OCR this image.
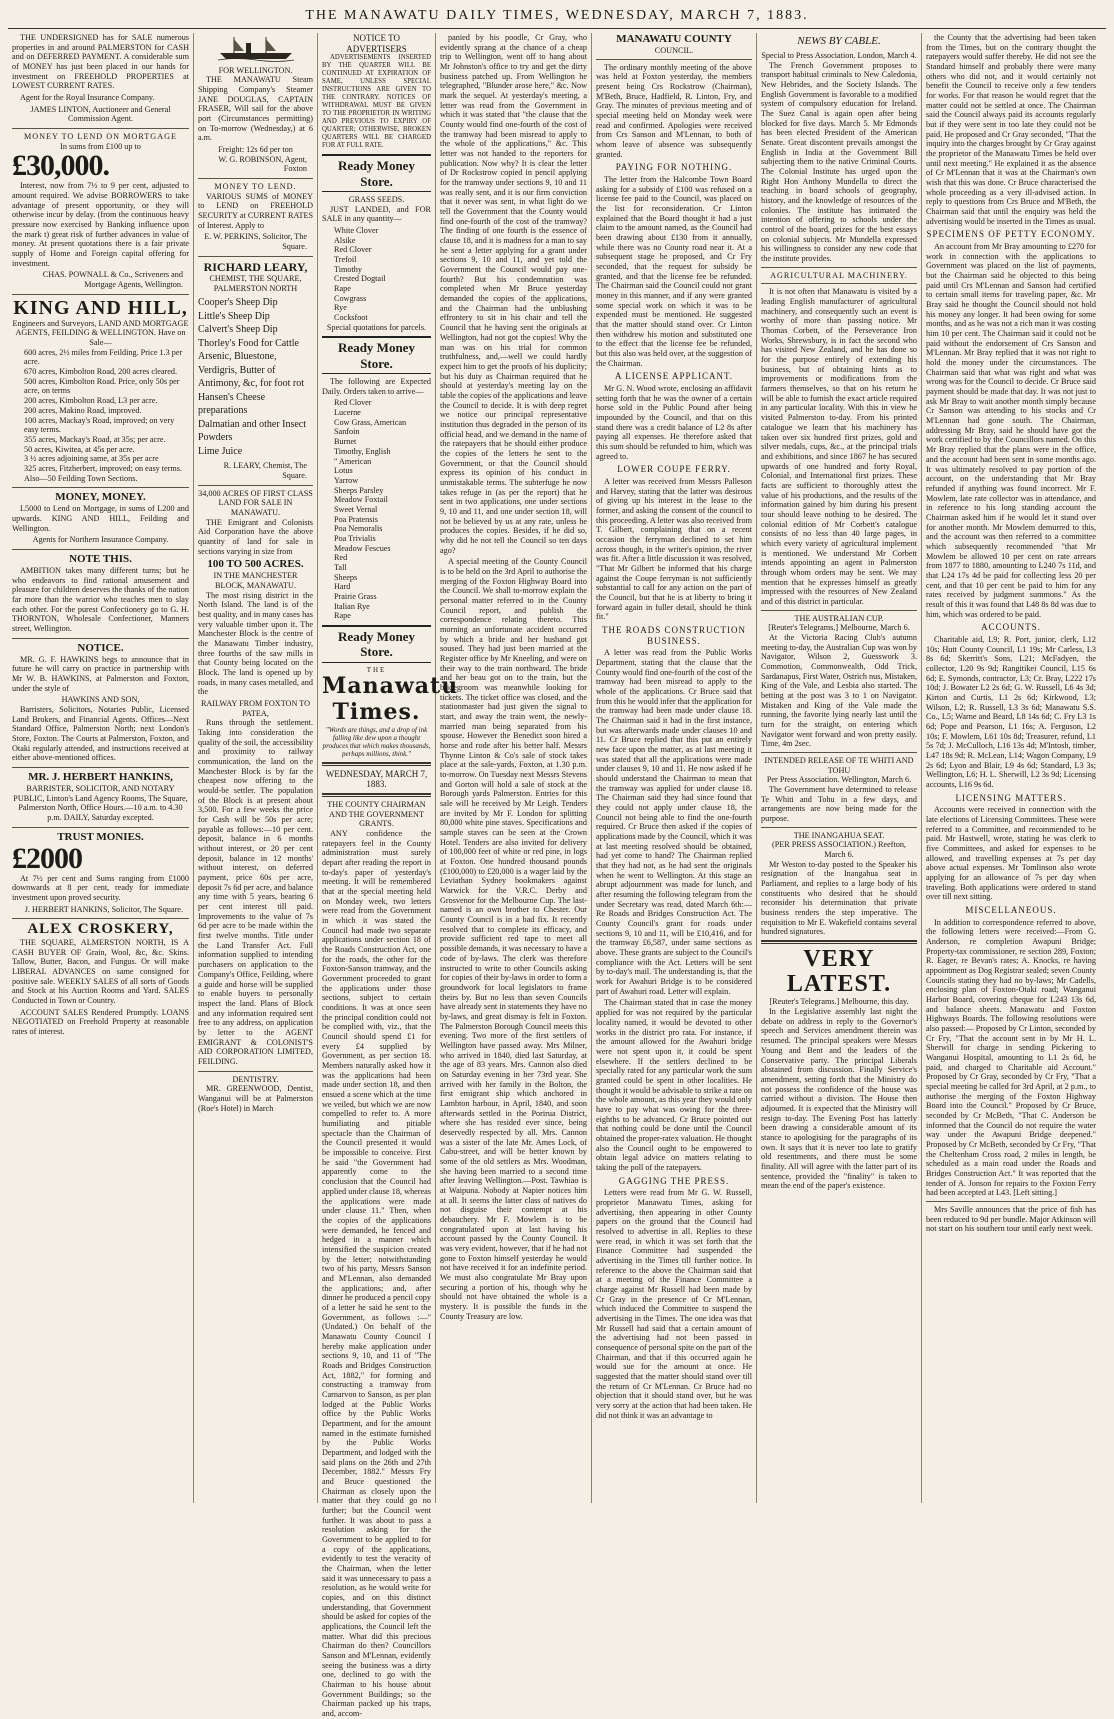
THE MANAWATU DAILY TIMES, WEDNESDAY, MARCH 7, 1883.
THE UNDERSIGNED has for SALE numerous properties in and around PALMERSTON for CASH and on DEFERRED PAYMENT. A considerable sum of MONEY has just been placed in our hands for investment on FREEHOLD PROPERTIES at LOWEST CURRENT RATES.
Agent for the Royal Insurance Company.
JAMES LINTON, Auctioneer and General Commission Agent.
MONEY TO LEND ON MORTGAGE
In sums from £100 up to
£30,000.
Interest, now from 7½ to 9 per cent, adjusted to amount required. We advise BORROWERS to take advantage of present opportunity, or they will otherwise incur by delay. (from the continuous heavy pressure now exercised by Banking influence upon the mark t) great risk of further advances in value of money. At present quotations there is a fair private supply of Home and Foreign capital offering for investment.
CHAS. POWNALL & Co., Scriveners and Mortgage Agents, Wellington.
KING AND HILL,
Engineers and Surveyors, LAND AND MORTGAGE AGENTS, FEILDING & WELLINGTON. Have on Sale—
600 acres, 2½ miles from Feilding. Price 1.3 per acre.
670 acres, Kimbolton Road, 200 acres cleared.
500 acres, Kimbolton Road. Price, only 50s per acre, on terms
200 acres, Kimbolton Road, L3 per acre.
200 acres, Makino Road, improved.
100 acres, Mackay's Road, improved; on very easy terms.
355 acres, Mackay's Road, at 35s; per acre.
50 acres, Kiwitea, at 45s per acre.
3 ½ acres adjoining same, at 35s per acre
325 acres, Fitzherbert, improved; on easy terms.
Also—50 Feilding Town Sections.
MONEY, MONEY.
L5000 to Lend on Mortgage, in sums of L200 and upwards. KING AND HILL, Feilding and Wellington.
Agents for Northern Insurance Company.
NOTE THIS.
AMBITION takes many different turns; but he who endeavors to find rational amusement and pleasure for children deserves the thanks of the nation far more than the warrior who teaches men to slay each other. For the purest Confectionery go to G. H. THORNTON, Wholesale Confectioner, Manners street, Wellington.
NOTICE.
MR. G. F. HAWKINS begs to announce that in future he will carry on practice in partnership with Mr W. B. HAWKINS, at Palmerston and Foxton, under the style of
HAWKINS AND SON,
Barristers, Solicitors, Notaries Public, Licensed Land Brokers, and Financial Agents. Offices—Next Standard Office, Palmerston North; next London's Store, Foxton. The Courts at Palmerston, Foxton, and Otaki regularly attended, and instructions received at either above-mentioned offices.
MR. J. HERBERT HANKINS,
BARRISTER, SOLICITOR, AND NOTARY PUBLIC, Linton's Land Agency Rooms, The Square, Palmerston North, Office Hours.—10 a.m. to 4.30 p.m. DAILY, Saturday excepted.
TRUST MONIES.
£2000
At 7½ per cent and Sums ranging from £1000 downwards at 8 per cent, ready for immediate investment upon proved security.
J. HERBERT HANKINS, Solicitor, The Square.
ALEX CROSKERY,
THE SQUARE, ALMERSTON NORTH, IS A CASH BUYER OF Grain, Wool, &c, &c. Skins. Tallow, Butter, Bacon, and Fungus. Or will make LIBERAL ADVANCES on same consigned for positive sale. WEEKLY SALES of all sorts of Goods and Stock at his Auction Rooms and Yard. SALES Conducted in Town or Country.
ACCOUNT SALES Rendered Promptly. LOANS NEGOTIATED on Freehold Property at reasonable rates of interest.
FOR WELLINGTON.
THE MANAWATU Steam Shipping Company's Steamer JANE DOUGLAS, CAPTAIN FRASER, Will sail for the above port (Circumstances permitting) on To-morrow (Wednesday,) at 6 a.m.
Freight: 12s 6d per ton
W. G. ROBINSON, Agent, Foxton
MONEY TO LEND.
VARIOUS SUMS of MONEY to LEND on FREEHOLD SECURITY at CURRENT RATES of Interest. Apply to
E. W. PERKINS, Solicitor, The Square.
RICHARD LEARY,
CHEMIST, THE SQUARE, PALMERSTON NORTH
Cooper's Sheep Dip
Little's Sheep Dip
Calvert's Sheep Dip
Thorley's Food for Cattle
Arsenic, Bluestone, Verdigris, Butter of Antimony, &c, for foot rot
Hansen's Cheese preparations
Dalmatian and other Insect Powders
Lime Juice
R. LEARY, Chemist, The Square.
34,000 ACRES OF FIRST CLASS LAND FOR SALE IN MANAWATU.
THE Emigrant and Colonists Aid Corporation have the above quantity of land for sale in sections varying in size from
100 TO 500 ACRES.
IN THE MANCHESTER BLOCK, MANAWATU.
The most rising district in the North Island. The land is of the best quality, and in many cases has very valuable timber upon it. The Manchester Block is the centre of the Manawatu Timber industry, three fourths of the saw mills in that County being located on the Block. The land is opened up by roads, in many cases metalled, and the
RAILWAY FROM FOXTON TO PATEA,
Runs through the settlement. Taking into consideration the quality of the soil, the accessibility and proximity to railway communication, the land on the Manchester Block is by far the cheapest now offering to the would-be settler. The population of the Block is at present about 3,500. For a few weeks the price for Cash will be 50s per acre; payable as follows:—10 per cent. deposit, balance in 6 months without interest, or 20 per cent deposit, balance in 12 months' without interest, on deferred payment, price 60s per acre, deposit 7s 6d per acre, and balance any time with 5 years, bearing 6 per cent interest till paid. Improvements to the value of 7s 6d per acre to be made within the first twelve months. Title under the Land Transfer Act. Full information supplied to intending purchasers on application to the Company's Office, Feilding, where a guide and horse will be supplied to enable buyers to personally inspect the land. Plans of Block and any information required sent free to any address, on application by letter to the AGENT EMIGRANT & COLONIST'S AID CORPORATION LIMITED, FEILDING.
DENTISTRY.
MR. GREENWOOD, Dentist, Wanganui will be at Palmerston (Roe's Hotel) in March
NOTICE TO ADVERTISERS
ADVERTISEMENTS INSERTED BY THE QUARTER WILL BE CONTINUED AT EXPIRATION OF SAME, UNLESS SPECIAL INSTRUCTIONS ARE GIVEN TO THE CONTRARY. NOTICES OF WITHDRAWAL MUST BE GIVEN TO THE PROPRIETOR IN WRITING AND PREVIOUS TO EXPIRY OF QUARTER; OTHERWISE, BROKEN QUARTERS WILL BE CHARGED FOR AT FULL RATE.
Ready Money Store.
GRASS SEEDS.
JUST LANDED, and FOR SALE in any quantity—
White Clover
Alsike
Red Clover
Trefoil
Timothy
Crested Dogtail
Rape
Cowgrass
Rye
Cocksfoot
Special quotations for parcels.
Ready Money Store.
The following are Expected Daily. Orders taken to arrive—
Red Clover
Lucerne
Cow Grass, American
Sanfoin
Burnet
Timothy, English
" American
Lotus
Yarrow
Sheeps Parsley
Meadow Foxtail
Sweet Vernal
Poa Pratensis
Poa Nemoralis
Poa Trivialis
Meadow Fescues
Red
Tall
Sheeps
Hard
Prairie Grass
Italian Rye
Rape
Ready Money Store.
THE
Manawatu Times.
"Words are things, and a drop of ink falling like dew upon a thought produces that which makes thousands, perhaps millions, think."
WEDNESDAY, MARCH 7, 1883.
THE COUNTY CHAIRMAN AND THE GOVERNMENT GRANTS.
ANY confidence the ratepayers feel in the County administration must surely depart after reading the report in to-day's paper of yesterday's meeting. It will be remembered that at the special meeting held on Monday week, two letters were read from the Government in which it was stated the Council had made two separate applications under section 18 of the Roads Construction Act, one for the roads, the other for the Foxton-Sanson tramway, and the Government proceeded to grant the applications under those sections, subject to certain conditions. It was at once seen the principal condition could not be complied with, viz., that the Council should spend £1 for every £4 supplied by Government, as per section 18. Members naturally asked how it was the applications had been made under section 18, and then ensued a scene which at the time we veiled, but which we are now compelled to refer to. A more humiliating and pitiable spectacle than the Chairman of the Council presented it would be impossible to conceive. First he said "the Government had apparently come to the conclusion that the Council had applied under clause 18, whereas the applications were made under clause 11." Then, when the copies of the applications were demanded, he fenced and hedged in a manner which intensified the suspicion created by the letter; notwithstanding two of his party, Messrs Sanson and M'Lennan, also demanded the applications; and, after dinner he produced a pencil copy of a letter he said he sent to the Government, as follows :—" (Undated.) On behalf of the Manawatu County Council I hereby make application under sections 9, 10, and 11 of "The Roads and Bridges Construction Act, 1882," for forming and constructing a tramway from Carnarvon to Sanson, as per plan lodged at the Public Works office by the Public Works Department, and for the amount named in the estimate furnished by the Public Works Department, and lodged with the said plans on the 26th and 27th December, 1882." Messrs Fry and Bruce questioned the Chairman as closely upon the matter that they could go no further; but the Council went further. It was about to pass a resolution asking for the Government to be applied to for a copy of the applications, evidently to test the veracity of the Chairman, when the letter said it was unnecessary to pass a resolution, as he would write for copies, and on this distinct understanding, that Government should be asked for copies of the applications, the Council left the matter. What did this precious Chairman do then? Councillors Sanson and M'Lennan, evidently seeing the business was a dirty one, declined to go with the Chairman to his house about Government Buildings; so the Chairman packed up his traps, and, accom-
panied by his poodle, Cr Gray, who evidently sprang at the chance of a cheap trip to Wellington, went off to hang about Mr Johnston's office to try and get the dirty business patched up. From Wellington he telegraphed, "Blunder arose here," &c. Now mark the sequel. At yesterday's meeting, a letter was read from the Government in which it was stated that "the clause that the County would find one-fourth of the cost of the tramway had been misread to apply to the whole of the applications," &c. This letter was not handed to the reporters for publication. Now why? It is clear the letter of Dr Rockstrow copied in pencil applying for the tramway under sections 9, 10 and 11 was really sent, and it is our firm conviction that it never was sent, in what light do we tell the Government that the County would find one-fourth of the cost of the tramway? The finding of one fourth is the essence of clause 18, and it is madness for a man to say he sent a letter applying for a grant under sections 9, 10 and 11, and yet told the Government the Council would pay one-fourth? But his condemnation was completed when Mr Bruce yesterday demanded the copies of the applications, and the Chairman had the unblushing effrontery to sit in his chair and tell the Council that he having sent the originals at Wellington, had not got the copies! Why the man was on his trial for common truthfulness, and,—well we could hardly expect him to get the proofs of his duplicity; but his duty as Chairman required that he should at yesterday's meeting lay on the table the copies of the applications and leave the Council to decide. It is with deep regret we notice our principal representative institution thus degraded in the person of its official head, and we demand in the name of the ratepayers that he should either produce the copies of the letters he sent to the Government, or that the Council should express its opinion of his conduct in unmistakable terms. The subterfuge he now takes refuge in (as per the report) that he sent in two applications, one under sections 9, 10 and 11, and one under section 18, will not be believed by us at any rate, unless he produces the copies. Besides, if he did so, why did he not tell the Council so ten days ago?
A special meeting of the County Council is to be held on the 3rd April to authorise the merging of the Foxton Highway Board into the Council. We shall to-morrow explain the personal matter referred to in the County Council report, and publish the correspondence relating thereto. This morning an unfortunate accident occurred by which a bride and her husband got soused. They had just been married at the Register office by Mr Kneeling, and were on their way to the train northward. The bride and her beau got on to the train, but the bridegroom was meanwhile looking for tickets. The ticket office was closed, and the stationmaster had just given the signal to start, and away the train went, the newly-married man being separated from his spouse. However the Benedict soon hired a horse and rode after his better half. Messrs Thynne Linton & Co's sale of stock takes place at the sale-yards, Foxton, at 1.30 p.m. to-morrow. On Tuesday next Messrs Stevens and Gorton will hold a sale of stock at the Borough yards Palmerston. Entries for this sale will be received by Mr Leigh. Tenders are invited by Mr F. London for splitting 80,000 white pine staves. Specifications and sample staves can be seen at the Crown Hotel. Tenders are also invited for delivery of 100,000 feet of white or red pine, in logs at Foxton. One hundred thousand pounds (£100,000) to £20,000 is a wager laid by the Leviathan Sydney bookmakers against Warwick for the V.R.C. Derby and Grosvenor for the Melbourne Cup. The last-named is an own brother to Chester. Our County Council is in a bad fix. It recently resolved that to complete its efficacy, and provide sufficient red tape to meet all possible demands, it was necessary to have a code of by-laws. The clerk was therefore instructed to write to other Councils asking for copies of their by-laws in order to form a groundwork for local legislators to frame theirs by. But no less than seven Councils have already sent in statements they have no by-laws, and great dismay is felt in Foxton. The Palmerston Borough Council meets this evening. Two more of the first settlers of Wellington have passed away. Mrs Milner, who arrived in 1840, died last Saturday, at the age of 83 years. Mrs. Cannon also died on Saturday evening in her 73rd year. She arrived with her family in the Bolton, the first emigrant ship which anchored in Lambton harbour, in April, 1840, and soon afterwards settled in the Porirua District, where she has resided ever since, being deservedly respected by all. Mrs. Cannon was a sister of the late Mr. Ames Lock, of Cabu-street, and will be better known by some of the old settlers as Mrs. Woodman, she having been married to a second time after leaving Wellington.—Post. Tawhiao is at Waipuna. Nobody at Napier notices him at all. It seems the latter class of natives do not disguise their contempt at his debauchery. Mr F. Mowlem is to be congratulated upon at last having his account passed by the County Council. It was very evident, however, that if he had not gone to Foxton himself yesterday he would not have received it for an indefinite period. We must also congratulate Mr Bray upon securing a portion of his, though why he should not have obtained the whole is a mystery. It is possible the funds in the County Treasury are low.
MANAWATU COUNTY
COUNCIL.
The ordinary monthly meeting of the above was held at Foxton yesterday, the members present being Crs Rockstrow (Chairman), M'Beth, Bruce, Hadfield, R. Linton, Fry, and Gray. The minutes of previous meeting and of special meeting held on Monday week were read and confirmed. Apologies were received from Crs Sanson and M'Lennan, to both of whom leave of absence was subsequently granted.
PAYING FOR NOTHING.
The letter from the Halcombe Town Board asking for a subsidy of £100 was refused on a license fee paid to the Council, was placed on the list for reconsideration. Cr Linton explained that the Board thought it had a just claim to the amount named, as the Council had been drawing about £130 from it annually, while there was no County road near it. At a subsequent stage he proposed, and Cr Fry seconded, that the request for subsidy be granted, and that the license fee be refunded. The Chairman said the Council could not grant money in this manner, and if any were granted some special work on which it was to be expended must be mentioned. He suggested that the matter should stand over. Cr Linton then withdrew his motion and substituted one to the effect that the license fee be refunded, but this also was held over, at the suggestion of the Chairman.
A LICENSE APPLICANT.
Mr G. N. Wood wrote, enclosing an affidavit setting forth that he was the owner of a certain horse sold in the Public Pound after being impounded by the Council, and that on this stand there was a credit balance of L2 8s after paying all expenses. He therefore asked that this sum should be refunded to him, which was agreed to.
LOWER COUPE FERRY.
A letter was received from Messrs Palleson and Harvey, stating that the latter was desirous of giving up his interest in the lease to the former, and asking the consent of the council to this proceeding. A letter was also received from T. Gilbert, complaining that on a recent occasion the ferryman declined to set him across though, in the writer's opinion, the river was fit. After a little discussion it was resolved, "That Mr Gilbert be informed that his charge against the Coupe ferryman is not sufficiently substantial to call for any action on the part of the Council, but that he is at liberty to bring it forward again in fuller detail, should he think fit."
THE ROADS CONSTRUCTION BUSINESS.
A letter was read from the Public Works Department, stating that the clause that the County would find one-fourth of the cost of the tramway had been misread to apply to the whole of the applications. Cr Bruce said that from this he would infer that the application for the tramway had been made under clause 18. The Chairman said it had in the first instance, but was afterwards made under clauses 10 and 11. Cr Bruce replied that this put an entirely new face upon the matter, as at last meeting it was stated that all the applications were made under clauses 9, 10 and 11. He now asked if he should understand the Chairman to mean that the tramway was applied for under clause 18. The Chairman said they had since found that they could not apply under clause 18, the Council not being able to find the one-fourth required. Cr Bruce then asked if the copies of applications made by the Council, which it was at last meeting resolved should be obtained, had yet come to hand? The Chairman replied that they had not, as he had sent the originals when he went to Wellington. At this stage an abrupt adjournment was made for lunch, and after resuming the following telegram from the under Secretary was read, dated March 6th:—Re Roads and Bridges Construction Act. The County Council's grant for roads under sections 9, 10 and 11, will be £10,416, and for the tramway £6,587, under same sections as above. These grants are subject to the Council's compliance with the Act. Letters will be sent by to-day's mail. The understanding is, that the work for Awahuri Bridge is to be considered part of Awahuri road. Letter will explain.
The Chairman stated that in case the money applied for was not required by the particular locality named, it would be devoted to other works in the district pro rata. For instance, if the amount allowed for the Awahuri bridge were not spent upon it, it could be spent elsewhere. If the settlers declined to be specially rated for any particular work the sum granted could be spent in other localities. He thought it would be advisable to strike a rate on the whole amount, as this year they would only have to pay what was owing for the three-eighths to be advanced. Cr Bruce pointed out that nothing could be done until the Council obtained the proper-ratex valuation. He thought also the Council ought to be empowered to obtain legal advice on matters relating to taking the poll of the ratepayers.
GAGGING THE PRESS.
Letters were read from Mr G. W. Russell, proprietor Manawatu Times, asking for advertising, then appearing in other County papers on the ground that the Council had resolved to advertise in all. Replies to these were read, in which it was set forth that the Finance Committee had suspended the advertising in the Times till further notice. In reference to the above the Chairman said that at a meeting of the Finance Committee a charge against Mr Russell had been made by Cr Gray in the presence of Cr M'Lennan, which induced the Committee to suspend the advertising in the Times. The one idea was that Mr Russell had said that a certain amount of the advertising had not been passed in consequence of personal spite on the part of the Chairman, and that if this occurred again he would sue for the amount at once. He suggested that the matter should stand over till the return of Cr M'Lennan. Cr Bruce had no objection that it should stand over, but he was very sorry at the action that had been taken. He did not think it was an advantage to
NEWS BY CABLE.
Special to Press Association. London, March 4.
The French Government proposes to transport habitual criminals to New Caledonia, New Hebrides, and the Society Islands. The English Government is favorable to a modified system of compulsory education for Ireland. The Suez Canal is again open after being blocked for five days. March 5. Mr Edmonds has been elected President of the American Senate. Great discontent prevails amongst the English in India at the Government Bill subjecting them to the native Criminal Courts. The Colonial Institute has urged upon the Right Hon Anthony Mundella to direct the teaching in board schools of geography, history, and the knowledge of resources of the colonies. The institute has intimated the intention of offering to schools under the control of the board, prizes for the best essays on colonial subjects. Mr Mundella expressed his willingness to consider any new code that the institute provides.
AGRICULTURAL MACHINERY.
It is not often that Manawatu is visited by a leading English manufacturer of agricultural machinery, and consequently such an event is worthy of more than passing notice. Mr Thomas Corbett, of the Perseverance Iron Works, Shrewsbury, is in fact the second who has visited New Zealand, and he has done so for the purpose entirely of extending his business, but of obtaining hints as to improvements or modifications from the farmers themselves, so that on his return he will be able to furnish the exact article required in any particular locality. With this in view he visited Palmerston to-day. From his printed catalogue we learn that his machinery has taken over six hundred first prizes, gold and silver medals, cups, &c., at the principal trials and exhibitions, and since 1867 he has secured upwards of one hundred and forty Royal, Colonial, and International first prizes. These facts are sufficient to thoroughly attest the value of his productions, and the results of the information gained by him during his present tour should leave nothing to be desired. The colonial edition of Mr Corbett's catalogue consists of no less than 40 large pages, in which every variety of agricultural implement is mentioned. We understand Mr Corbett intends appointing an agent in Palmerston through whom orders may be sent. We may mention that he expresses himself as greatly impressed with the resources of New Zealand and of this district in particular.
THE AUSTRALIAN CUP.
[Reuter's Telegrams.] Melbourne, March 6.
At the Victoria Racing Club's autumn meeting to-day, the Australian Cup was won by Navigator, Wilson 2, Guesswork 3. Commotion, Commonwealth, Odd Trick, Sardanapus, First Water, Ostrich nus, Mistaken, King of the Vale, and Lesbia also started. The betting at the post was 3 to 1 on Navigator. Mistaken and King of the Vale made the running, the favorite lying nearly last until the turn for the straight, on entering which Navigator went forward and won pretty easily. Time, 4m 2sec.
INTENDED RELEASE OF TE WHITI AND TOHU
Per Press Association. Wellington, March 6.
The Government have determined to release Te Whiti and Tohu in a few days, and arrangements are now being made for the purpose.
THE INANGAHUA SEAT.
(PER PRESS ASSOCIATION.) Reefton, March 6.
Mr Weston to-day posted to the Speaker his resignation of the Inangahua seat in Parliament, and replies to a large body of his constituents who desired that he should reconsider his determination that private business renders the step imperative. The requisition to Mr E. Wakefield contains several hundred signatures.
VERY LATEST.
[Reuter's Telegrams.] Melbourne, this day.
In the Legislative assembly last night the debate on address in reply to the Governor's speech and Services amendment therein was resumed. The principal speakers were Messrs Young and Bent and the leaders of the Conservative party. The principal Liberals abstained from discussion. Finally Service's amendment, setting forth that the Ministry do not possess the confidence of the house was carried without a division. The House then adjourned. It is expected that the Ministry will resign to-day. The Evening Post has latterly been drawing a considerable amount of its stance to apologising for the paragraphs of its own. It says that it is never too late to gratify old resentments, and there must be some finality. All will agree with the latter part of its sentence, provided the "finality" is taken to mean the end of the paper's existence.
the County that the advertising had been taken from the Times, but on the contrary thought the ratepayers would suffer thereby. He did not see the Standard himself and probably there were many others who did not, and it would certainly not benefit the Council to receive only a few tenders for works. For that reason he would regret that the matter could not be settled at once. The Chairman said the Council always paid its accounts regularly but if they were sent in too late they could not be paid. He proposed and Cr Gray seconded, "That the inquiry into the charges brought by Cr Gray against the proprietor of the Manawatu Times be held over until next meeting." He explained it as the absence of Cr M'Lennan that it was at the Chairman's own wish that this was done. Cr Bruce characterised the whole proceeding as a very ill-advised action. In reply to questions from Crs Bruce and M'Beth, the Chairman said that until the enquiry was held the advertising would be inserted in the Times as usual.
SPECIMENS OF PETTY ECONOMY.
An account from Mr Bray amounting to £270 for work in connection with the applications to Government was placed on the list of payments, but the Chairman said he objected to this being paid until Crs M'Lennan and Sanson had certified to certain small items for traveling paper, &c. Mr Bray said he thought the Council should not hold his money any longer. It had been owing for some months, and as he was not a rich man it was costing him 10 per cent. The Chairman said it could not be paid without the endorsement of Crs Sanson and M'Lennan. Mr Bray replied that it was not right to hold the money under the circumstances. The Chairman said that what was right and what was wrong was for the Council to decide. Cr Bruce said payment should be made that day. It was not just to ask Mr Bray to wait another month simply because Cr Sanson was attending to his stocks and Cr M'Lennan had gone south. The Chairman, addressing Mr Bray, said he should have got the work certified to by the Councillors named. On this Mr Bray replied that the plans were in the office, and the account had been sent in some months ago. It was ultimately resolved to pay portion of the account, on the understanding that Mr Bray refunded if anything was found incorrect. Mr F. Mowlem, late rate collector was in attendance, and in reference to his long standing account the Chairman asked him if he would let it stand over for another month. Mr Mowlem demurred to this, and the account was then referred to a committee which subsequently recommended "that Mr Mowlem be allowed 10 per cent on rate arrears from 1877 to 1880, amounting to L240 7s 11d, and that L24 17s 4d be paid for collecting less 20 per cent, and that 10 per cent be paid to him for any rates received by judgment summons." As the result of this it was found that L48 8s 8d was due to him, which was ordered to be paid.
ACCOUNTS.
Charitable aid, L9; R. Port, junior, clerk, L12 10s; Hutt County Council, L1 19s; Mr Carless, L3 8s 6d; Skerritt's Sons, L21; McFadyen, the collector, L20 9s 9d; Rangitikei Council, L15 6s 6d; E. Symonds, contractor, L3; Cr. Bray, L222 17s 10d; J. Bowater L2 2s 6d; G. W. Russell, L6 4s 3d; Kirton and Curtis, L1 2s 6d; Kirkwood, L3; Wilson, L2; R. Russell, L3 3s 6d; Manawatu S.S. Co., L5; Warne and Beard, L8 14s 6d; C. Fry L3 1s 6d; Pope and Pearson, L1 16s; A. Ferguson, L2 10s; F. Mowlem, L61 10s 8d; Treasurer, refund, L1 5s 7d; J. McCulloch, L16 13s 4d; M'Intosh, timber, L47 18s 9d; R. McLean, L14; Wagon Company, L9 2s 6d; Lyon and Blair, L9 4s 6d; Standard, L3 3s; Wellington, L6; H. L. Sherwill, L2 3s 9d; Licensing accounts, L16 9s 6d.
LICENSING MATTERS.
Accounts were received in connection with the late elections of Licensing Committees. These were referred to a Committee, and recommended to be paid. Mr Hastwell, wrote, stating he was clerk to five Committees, and asked for expenses to be allowed, and travelling expenses at 7s per day above actual expenses. Mr Tomlinson also wrote applying for an allowance of 7s per day when traveling. Both applications were ordered to stand over till next sitting.
MISCELLANEOUS.
In addition to correspondence referred to above, the following letters were received:—From G. Anderson, re completion Awapuni Bridge; Property-tax commissioner, re section 289, Foxton; R. Eager, re Bevan's rates; A. Knocks, re having appointment as Dog Registrar sealed; seven County Councils stating they had no by-laws; Mr Cadells, enclosing plan of Foxton-Otaki road; Wanganui Harbor Board, covering cheque for L243 13s 6d, and balance sheets. Manawatu and Foxton Highways Boards. The following resolutions were also passed:— Proposed by Cr Linton, seconded by Cr Fry, "That the account sent in by Mr H. L. Sherwill for charge in sending Pickering to Wanganui Hospital, amounting to L1 2s 6d, be paid, and charged to Charitable aid Account." Proposed by Cr Gray, seconded by Cr Fry, "That a special meeting be called for 3rd April, at 2 p.m., to authorise the merging of the Foxton Highway Board into the Council." Proposed by Cr Bruce, seconded by Cr McBeth, "That C. Anderson be informed that the Council do not require the water way under the Awapuni Bridge deepened." Proposed by Cr McBeth, seconded by Cr Fry, "That the Cheltenham Cross road, 2 miles in length, be scheduled as a main road under the Roads and Bridges Construction Act." It was reported that the tender of A. Jonson for repairs to the Foxton Ferry had been accepted at L43. [Left sitting.]
Mrs Saville announces that the price of fish has been reduced to 9d per bundle. Major Atkinson will not start on his southern tour until early next week.
